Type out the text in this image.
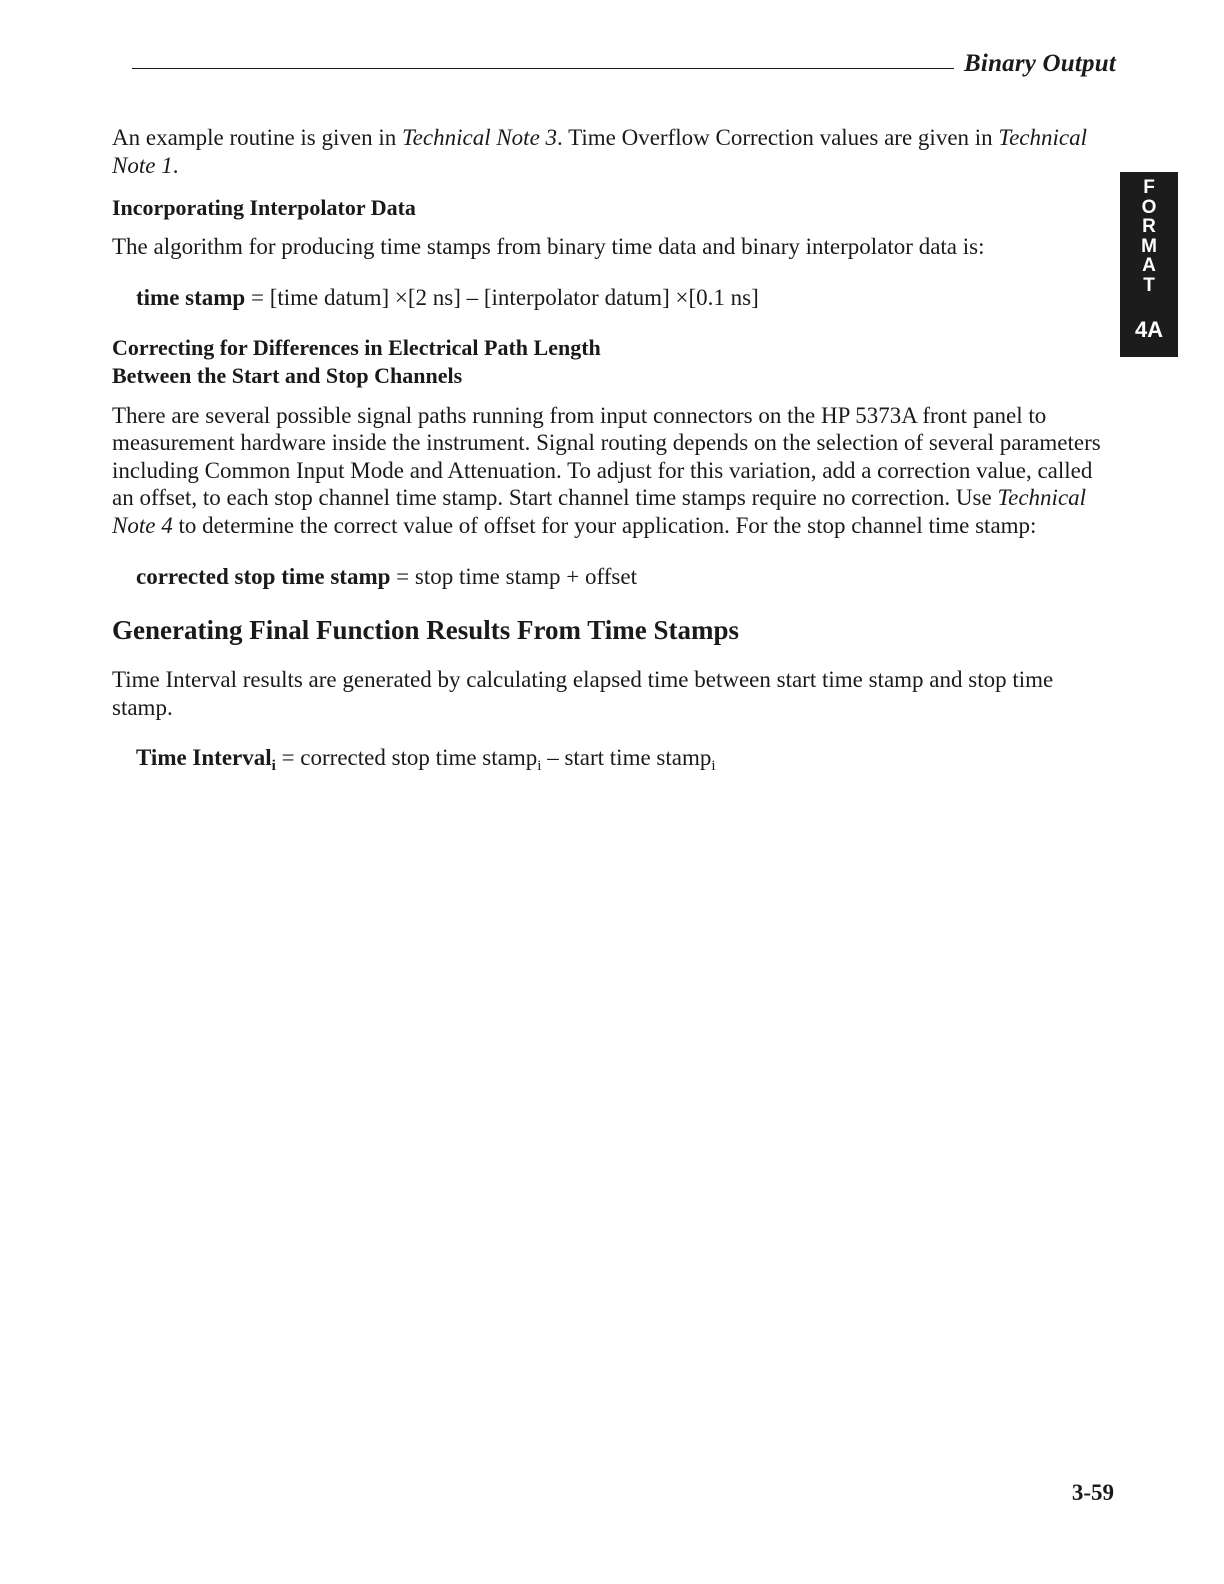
Binary Output
F
O
R
M
A
T
4A

An example routine is given in Technical Note 3. Time Overflow Correction values are given in Technical Note 1.

Incorporating Interpolator Data

The algorithm for producing time stamps from binary time data and binary interpolator data is:

time stamp = [time datum] ×[2 ns] – [interpolator datum] ×[0.1 ns]

Correcting for Differences in Electrical Path Length
Between the Start and Stop Channels

There are several possible signal paths running from input connectors on the HP 5373A front panel to measurement hardware inside the instrument. Signal routing depends on the selection of several parameters including Common Input Mode and Attenuation. To adjust for this variation, add a correction value, called an offset, to each stop channel time stamp. Start channel time stamps require no correction. Use Technical Note 4 to determine the correct value of offset for your application. For the stop channel time stamp:

corrected stop time stamp = stop time stamp + offset

Generating Final Function Results From Time Stamps

Time Interval results are generated by calculating elapsed time between start time stamp and stop time stamp.

Time Interval$_i$ = corrected stop time stamp$_i$ – start time stamp$_i$

3-59
